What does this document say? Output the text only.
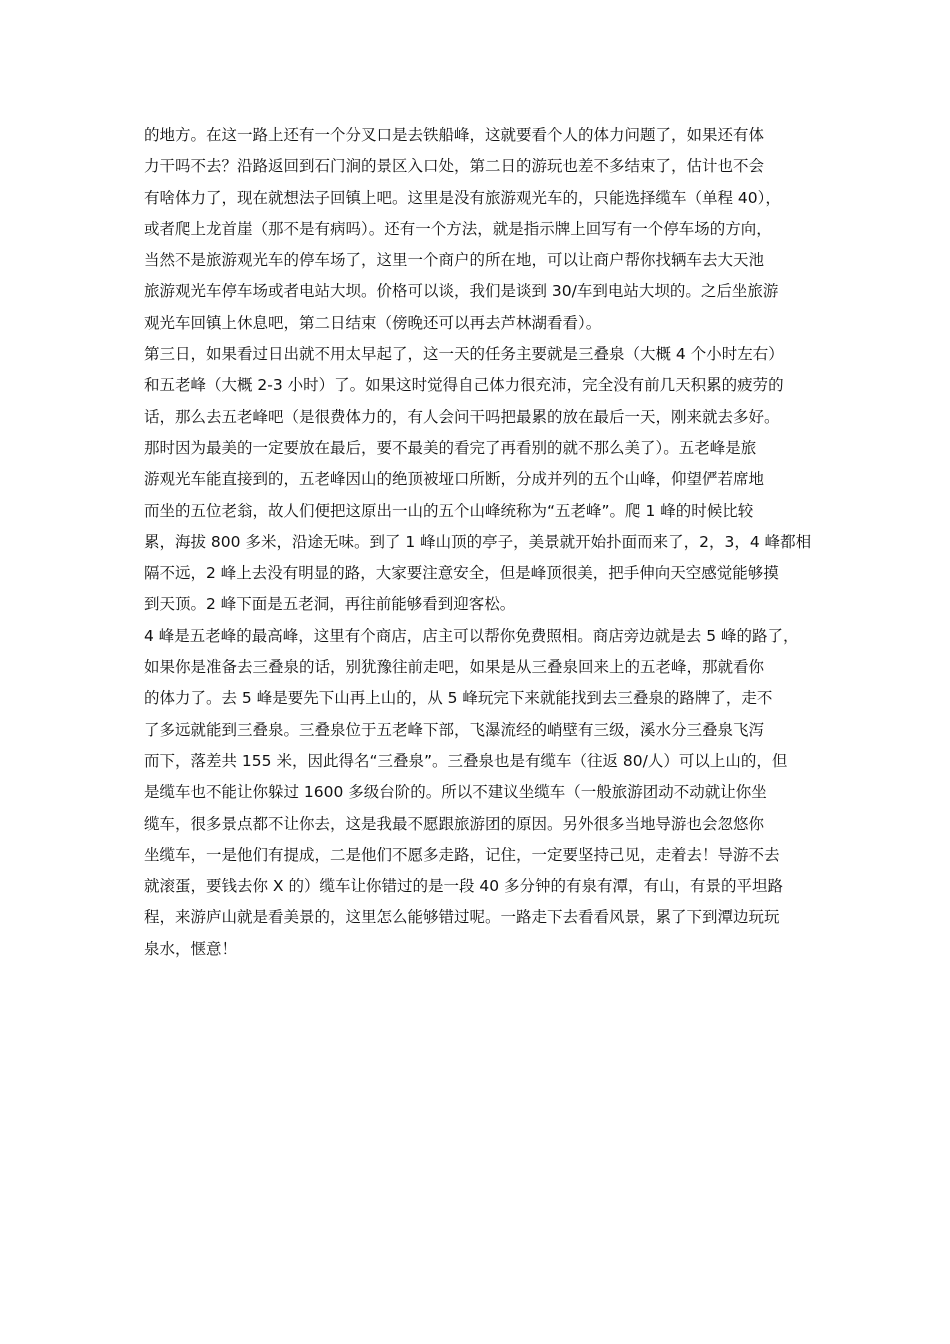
的地方。在这一路上还有一个分叉口是去铁船峰，这就要看个人的体力问题了，如果还有体
力干吗不去？沿路返回到石门涧的景区入口处，第二日的游玩也差不多结束了，估计也不会
有啥体力了，现在就想法子回镇上吧。这里是没有旅游观光车的，只能选择缆车（单程 40），
或者爬上龙首崖（那不是有病吗）。还有一个方法，就是指示牌上回写有一个停车场的方向，
当然不是旅游观光车的停车场了，这里一个商户的所在地，可以让商户帮你找辆车去大天池
旅游观光车停车场或者电站大坝。价格可以谈，我们是谈到 30/车到电站大坝的。之后坐旅游
观光车回镇上休息吧，第二日结束（傍晚还可以再去芦林湖看看）。
第三日，如果看过日出就不用太早起了，这一天的任务主要就是三叠泉（大概 4 个小时左右）
和五老峰（大概 2-3 小时）了。如果这时觉得自己体力很充沛，完全没有前几天积累的疲劳的
话，那么去五老峰吧（是很费体力的，有人会问干吗把最累的放在最后一天，刚来就去多好。
那时因为最美的一定要放在最后，要不最美的看完了再看别的就不那么美了）。五老峰是旅
游观光车能直接到的，五老峰因山的绝顶被垭口所断，分成并列的五个山峰，仰望俨若席地
而坐的五位老翁，故人们便把这原出一山的五个山峰统称为“五老峰”。爬 1 峰的时候比较
累，海拔 800 多米，沿途无味。到了 1 峰山顶的亭子，美景就开始扑面而来了，2，3，4 峰都相
隔不远，2 峰上去没有明显的路，大家要注意安全，但是峰顶很美，把手伸向天空感觉能够摸
到天顶。2 峰下面是五老洞，再往前能够看到迎客松。
4 峰是五老峰的最高峰，这里有个商店，店主可以帮你免费照相。商店旁边就是去 5 峰的路了，
如果你是准备去三叠泉的话，别犹豫往前走吧，如果是从三叠泉回来上的五老峰，那就看你
的体力了。去 5 峰是要先下山再上山的，从 5 峰玩完下来就能找到去三叠泉的路牌了，走不
了多远就能到三叠泉。三叠泉位于五老峰下部，飞瀑流经的峭壁有三级，溪水分三叠泉飞泻
而下，落差共 155 米，因此得名“三叠泉”。三叠泉也是有缆车（往返 80/人）可以上山的，但
是缆车也不能让你躲过 1600 多级台阶的。所以不建议坐缆车（一般旅游团动不动就让你坐
缆车，很多景点都不让你去，这是我最不愿跟旅游团的原因。另外很多当地导游也会忽悠你
坐缆车，一是他们有提成，二是他们不愿多走路，记住，一定要坚持己见，走着去！导游不去
就滚蛋，要钱去你 X 的）缆车让你错过的是一段 40 多分钟的有泉有潭，有山，有景的平坦路
程，来游庐山就是看美景的，这里怎么能够错过呢。一路走下去看看风景，累了下到潭边玩玩
泉水，惬意！
